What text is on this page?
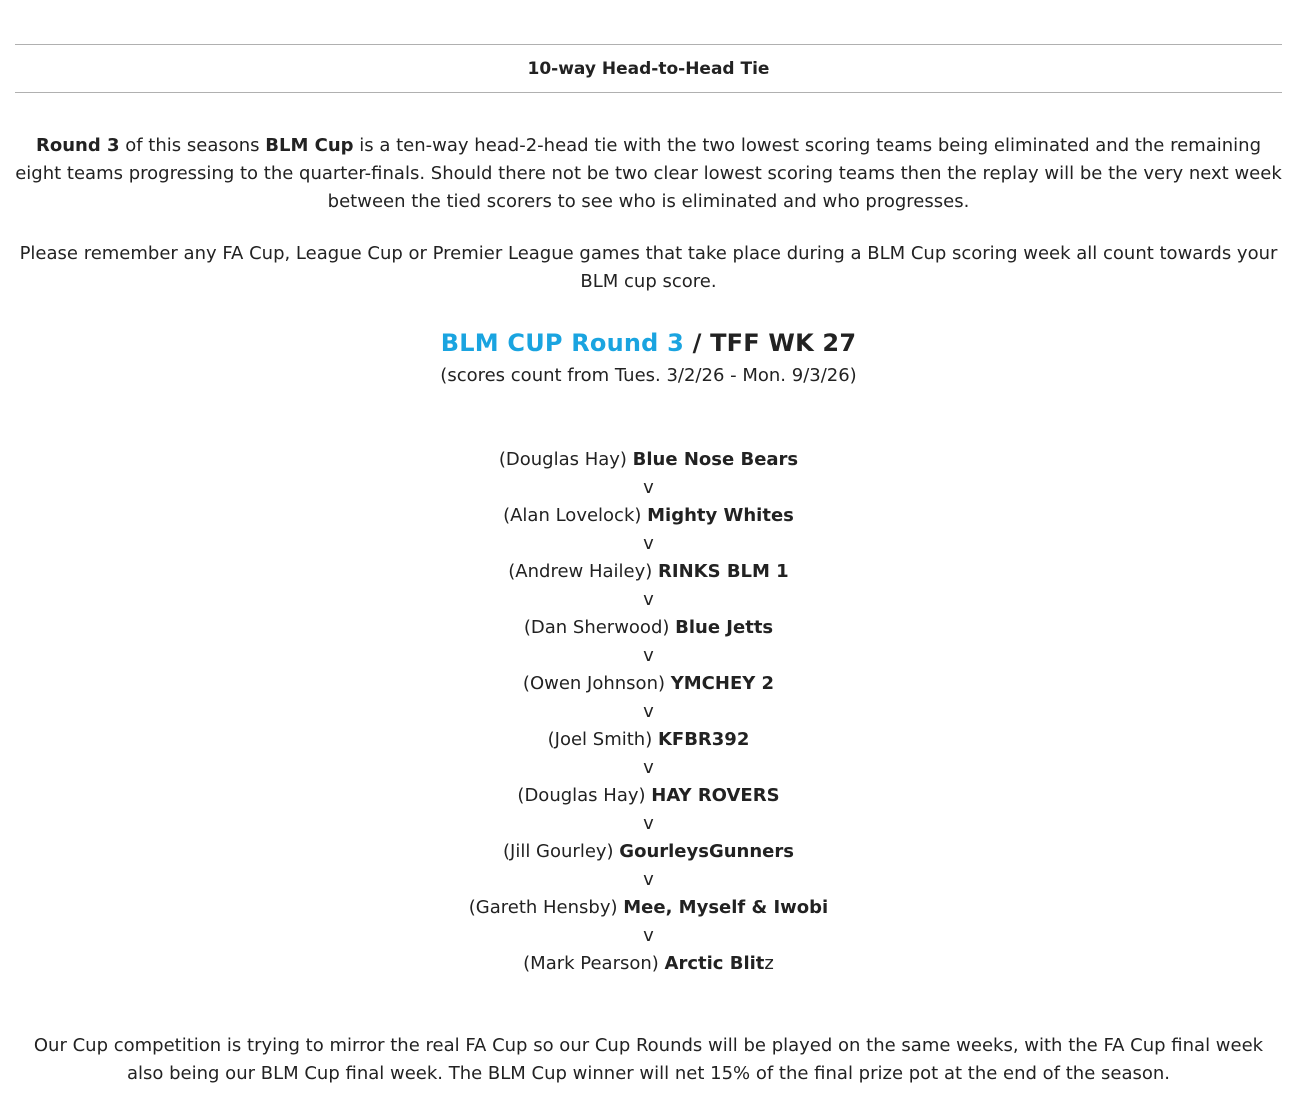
10-way Head-to-Head Tie
Round 3 of this seasons BLM Cup is a ten-way head-2-head tie with the two lowest scoring teams being eliminated and the remaining eight teams progressing to the quarter-finals. Should there not be two clear lowest scoring teams then the replay will be the very next week between the tied scorers to see who is eliminated and who progresses.
Please remember any FA Cup, League Cup or Premier League games that take place during a BLM Cup scoring week all count towards your BLM cup score.
BLM CUP Round 3 / TFF WK 27
(scores count from Tues. 3/2/26 - Mon. 9/3/26)
(Douglas Hay) Blue Nose Bears
v
(Alan Lovelock) Mighty Whites
v
(Andrew Hailey) RINKS BLM 1
v
(Dan Sherwood) Blue Jetts
v
(Owen Johnson) YMCHEY 2
v
(Joel Smith) KFBR392
v
(Douglas Hay) HAY ROVERS
v
(Jill Gourley) GourleysGunners
v
(Gareth Hensby) Mee, Myself & Iwobi
v
(Mark Pearson) Arctic Blitz
Our Cup competition is trying to mirror the real FA Cup so our Cup Rounds will be played on the same weeks, with the FA Cup final week also being our BLM Cup final week. The BLM Cup winner will net 15% of the final prize pot at the end of the season.
